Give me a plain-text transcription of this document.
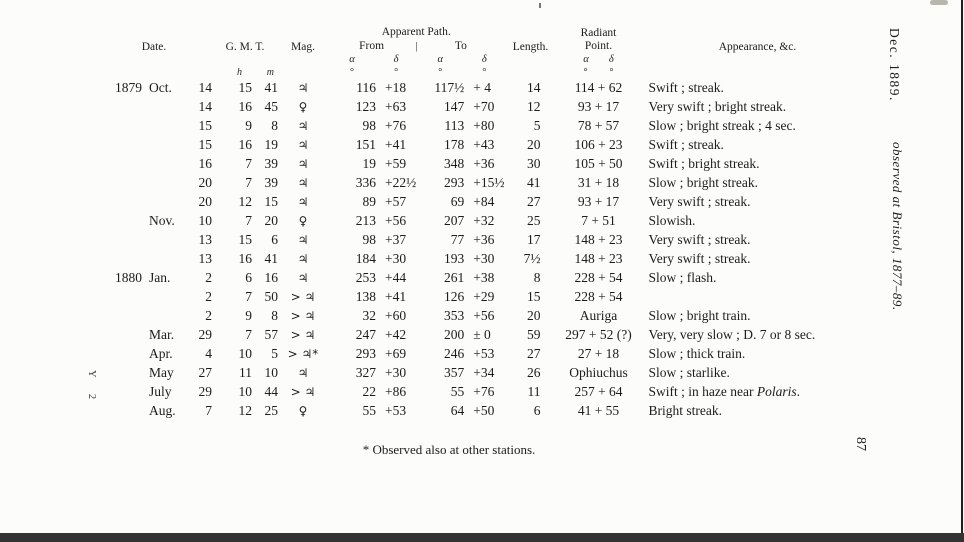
Date.	G. M. T.	Mag.	
Apparent Path.
From	|	To	Length.	
Radiant
Point.	Appearance, &c.
						α	δ	α	δ		α δ	
			h	m		°	°	°	°		° °	
1879	Oct.	14	15	41	♃	116	+18	117½	+ 4	14	114 + 62	Swift ; streak.
		14	16	45	♀	123	+63	147	+70	12	93 + 17	Very swift ; bright streak.
		15	9	8	♃	98	+76	113	+80	5	78 + 57	Slow ; bright streak ; 4 sec.
		15	16	19	♃	151	+41	178	+43	20	106 + 23	Swift ; streak.
		16	7	39	♃	19	+59	348	+36	30	105 + 50	Swift ; bright streak.
		20	7	39	♃	336	+22½	293	+15½	41	31 + 18	Slow ; bright streak.
		20	12	15	♃	89	+57	69	+84	27	93 + 17	Very swift ; streak.
	Nov.	10	7	20	♀	213	+56	207	+32	25	7 + 51	Slowish.
		13	15	6	♃	98	+37	77	+36	17	148 + 23	Very swift ; streak.
		13	16	41	♃	184	+30	193	+30	7½	148 + 23	Very swift ; streak.
1880	Jan.	2	6	16	♃	253	+44	261	+38	8	228 + 54	Slow ; flash.
		2	7	50	> ♃	138	+41	126	+29	15	228 + 54	
		2	9	8	> ♃	32	+60	353	+56	20	Auriga	Slow ; bright train.
	Mar.	29	7	57	> ♃	247	+42	200	± 0	59	297 + 52 (?)	Very, very slow ; D. 7 or 8 sec.
	Apr.	4	10	5	> ♃*	293	+69	246	+53	27	27 + 18	Slow ; thick train.
	May	27	11	10	♃	327	+30	357	+34	26	Ophiuchus	Slow ; starlike.
	July	29	10	44	> ♃	22	+86	55	+76	11	257 + 64	Swift ; in haze near Polaris.
	Aug.	7	12	25	♀	55	+53	64	+50	6	41 + 55	Bright streak.
* Observed also at other stations.
Dec. 1889.
observed at Bristol, 1877–89.
87
Y 2
